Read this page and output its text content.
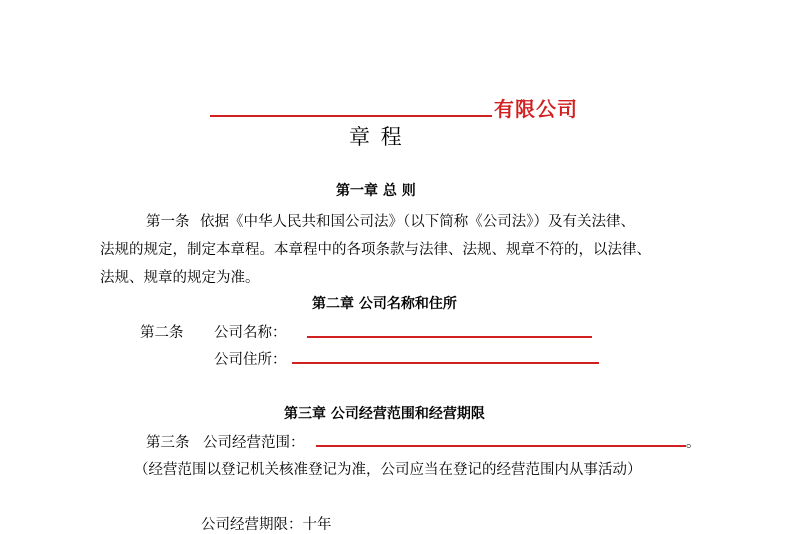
有限公司
章 程
第一章 总 则
第一条 依据《中华人民共和国公司法》（以下简称《公司法》）及有关法律、
法规的规定，制定本章程。本章程中的各项条款与法律、法规、规章不符的，以法律、
法规、规章的规定为准。
第二章 公司名称和住所
第二条 公司名称：
公司住所：
第三章 公司经营范围和经营期限
第三条 公司经营范围：	。
（经营范围以登记机关核准登记为准，公司应当在登记的经营范围内从事活动）
公司经营期限：十年
